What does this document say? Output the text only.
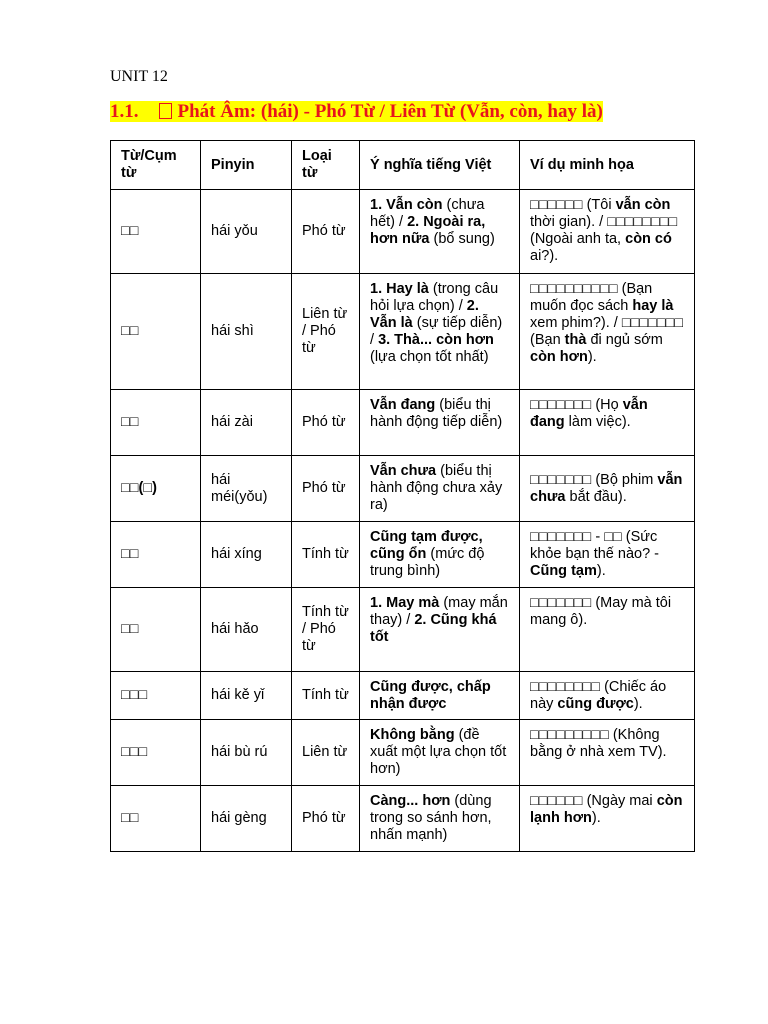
UNIT 12
1.1. Phát Âm: (hái) - Phó Từ / Liên Từ (Vẫn, còn, hay là)
Từ/Cụm từ	Pinyin	Loại từ	Ý nghĩa tiếng Việt	Ví dụ minh họa
□□	hái yǒu	Phó từ	1. Vẫn còn (chưa hết) / 2. Ngoài ra, hơn nữa (bổ sung)	□□□□□□ (Tôi vẫn còn thời gian). / □□□□□□□□ (Ngoài anh ta, còn có ai?).
□□	hái shì	Liên từ / Phó từ	1. Hay là (trong câu hỏi lựa chọn) / 2. Vẫn là (sự tiếp diễn) / 3. Thà... còn hơn (lựa chọn tốt nhất)	□□□□□□□□□□ (Bạn muốn đọc sách hay là xem phim?). / □□□□□□□ (Bạn thà đi ngủ sớm còn hơn).
□□	hái zài	Phó từ	Vẫn đang (biểu thị hành động tiếp diễn)	□□□□□□□ (Họ vẫn đang làm việc).
□□(□)	hái méi(yǒu)	Phó từ	Vẫn chưa (biểu thị hành động chưa xảy ra)	□□□□□□□ (Bộ phim vẫn chưa bắt đầu).
□□	hái xíng	Tính từ	Cũng tạm được, cũng ổn (mức độ trung bình)	□□□□□□□ - □□ (Sức khỏe bạn thế nào? - Cũng tạm).
□□	hái hǎo	Tính từ / Phó từ	1. May mà (may mắn thay) / 2. Cũng khá tốt	□□□□□□□ (May mà tôi mang ô).
□□□	hái kě yǐ	Tính từ	Cũng được, chấp nhận được	□□□□□□□□ (Chiếc áo này cũng được).
□□□	hái bù rú	Liên từ	Không bằng (đề xuất một lựa chọn tốt hơn)	□□□□□□□□□ (Không bằng ở nhà xem TV).
□□	hái gèng	Phó từ	Càng... hơn (dùng trong so sánh hơn, nhấn mạnh)	□□□□□□ (Ngày mai còn lạnh hơn).
